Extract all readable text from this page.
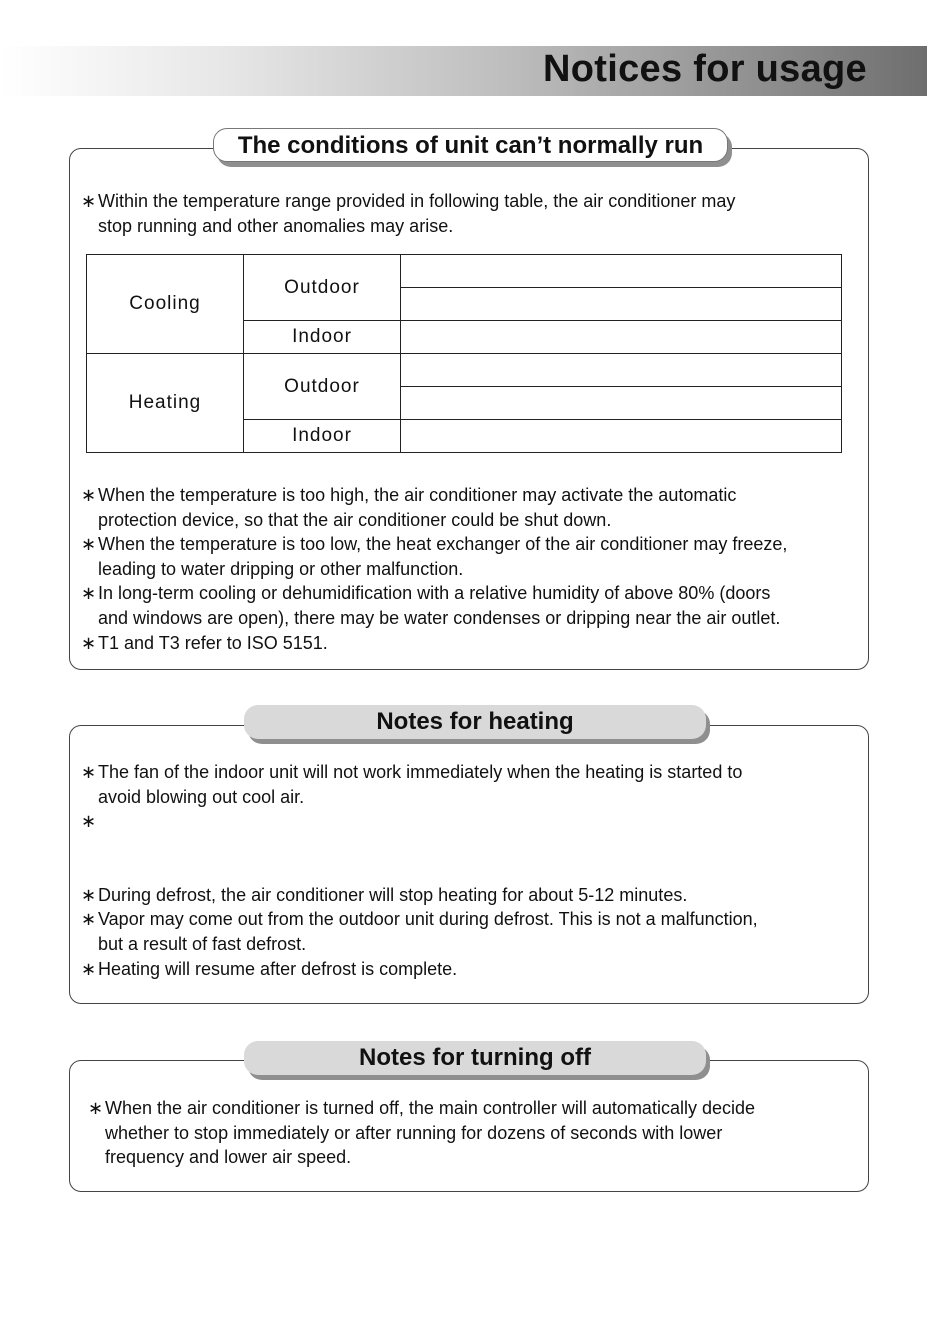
Notices for usage
The conditions of unit can’t normally run
∗ Within the temperature range provided in following table, the air conditioner may
stop running and other anomalies may arise.
Cooling	Outdoor	

	Indoor	
Heating	Outdoor	

	Indoor	
∗ When the temperature is too high, the air conditioner may activate the automatic
protection device, so that the air conditioner could be shut down.
∗ When the temperature is too low, the heat exchanger of the air conditioner may freeze,
leading to water dripping or other malfunction.
∗ In long-term cooling or dehumidification with a relative humidity of above 80% (doors
and windows are open), there may be water condenses or dripping near the air outlet.
∗ T1 and T3 refer to ISO 5151.
Notes for heating
∗ The fan of the indoor unit will not work immediately when the heating is started to
avoid blowing out cool air.
∗
∗ During defrost, the air conditioner will stop heating for about 5-12 minutes.
∗ Vapor may come out from the outdoor unit during defrost. This is not a malfunction,
but a result of fast defrost.
∗ Heating will resume after defrost is complete.
Notes for turning off
∗ When the air conditioner is turned off, the main controller will automatically decide
whether to stop immediately or after running for dozens of seconds with lower
frequency and lower air speed.
